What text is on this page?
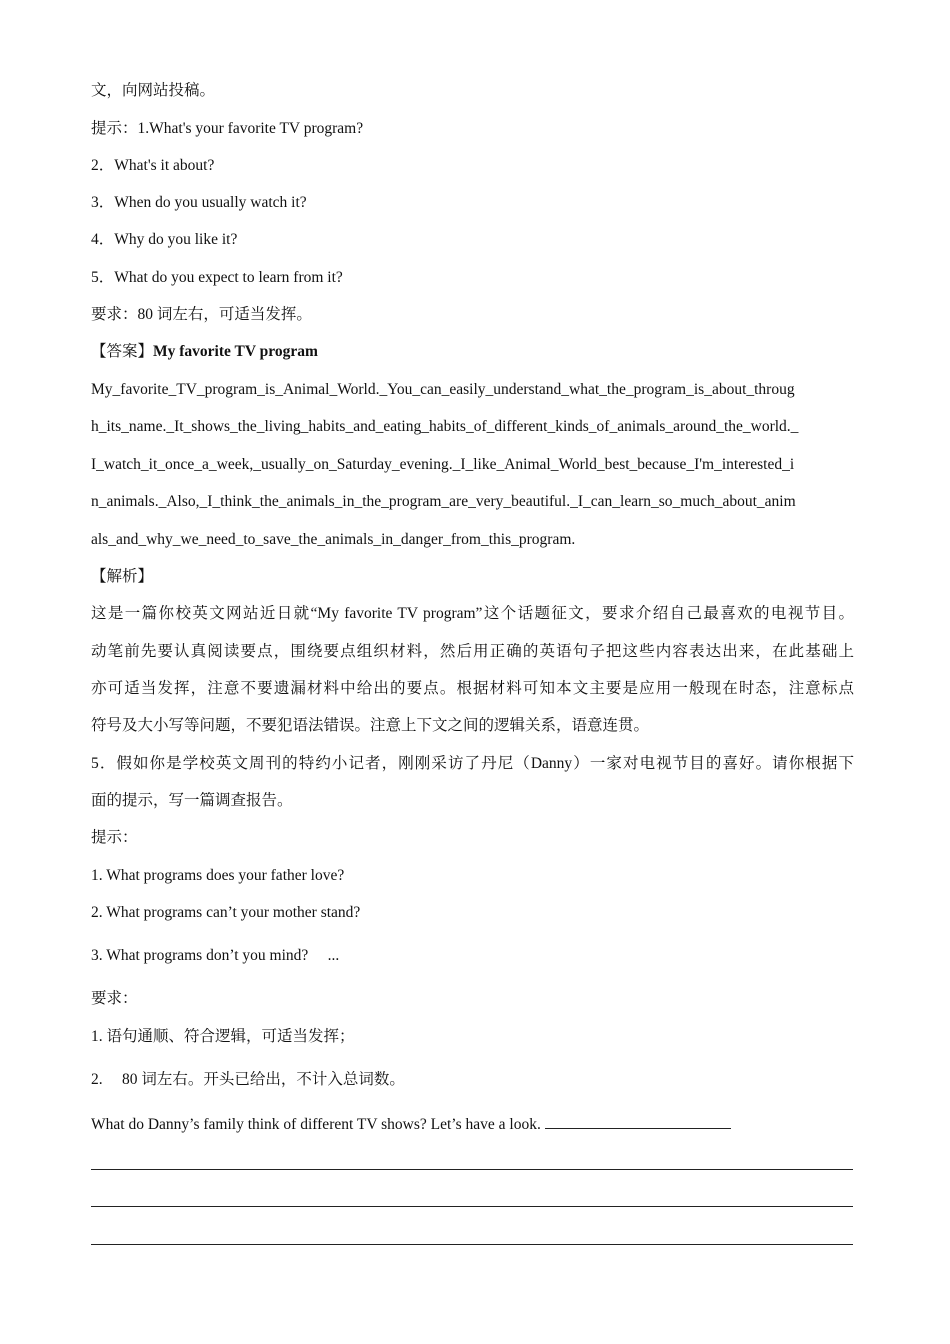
文，向网站投稿。
提示：1.What's your favorite TV program?
2．What's it about?
3．When do you usually watch it?
4．Why do you like it?
5．What do you expect to learn from it?
要求：80 词左右，可适当发挥。
【答案】My favorite TV program
My_favorite_TV_program_is_Animal_World._You_can_easily_understand_what_the_program_is_about_throug
h_its_name._It_shows_the_living_habits_and_eating_habits_of_different_kinds_of_animals_around_the_world._
I_watch_it_once_a_week,_usually_on_Saturday_evening._I_like_Animal_World_best_because_I'm_interested_i
n_animals._Also,_I_think_the_animals_in_the_program_are_very_beautiful._I_can_learn_so_much_about_anim
als_and_why_we_need_to_save_the_animals_in_danger_from_this_program.
【解析】
这是一篇你校英文网站近日就“My favorite TV program”这个话题征文，要求介绍自己最喜欢的电视节目。
动笔前先要认真阅读要点，围绕要点组织材料，然后用正确的英语句子把这些内容表达出来，在此基础上
亦可适当发挥，注意不要遗漏材料中给出的要点。根据材料可知本文主要是应用一般现在时态，注意标点
符号及大小写等问题，不要犯语法错误。注意上下文之间的逻辑关系，语意连贯。
5．假如你是学校英文周刊的特约小记者，刚刚采访了丹尼（Danny）一家对电视节目的喜好。请你根据下
面的提示，写一篇调查报告。
提示：
1. What programs does your father love?
2. What programs can’t your mother stand?
3. What programs don’t you mind?　 ...
要求：
1. 语句通顺、符合逻辑，可适当发挥；
2.　 80 词左右。开头已给出，不计入总词数。
What do Danny’s family think of different TV shows? Let’s have a look.
